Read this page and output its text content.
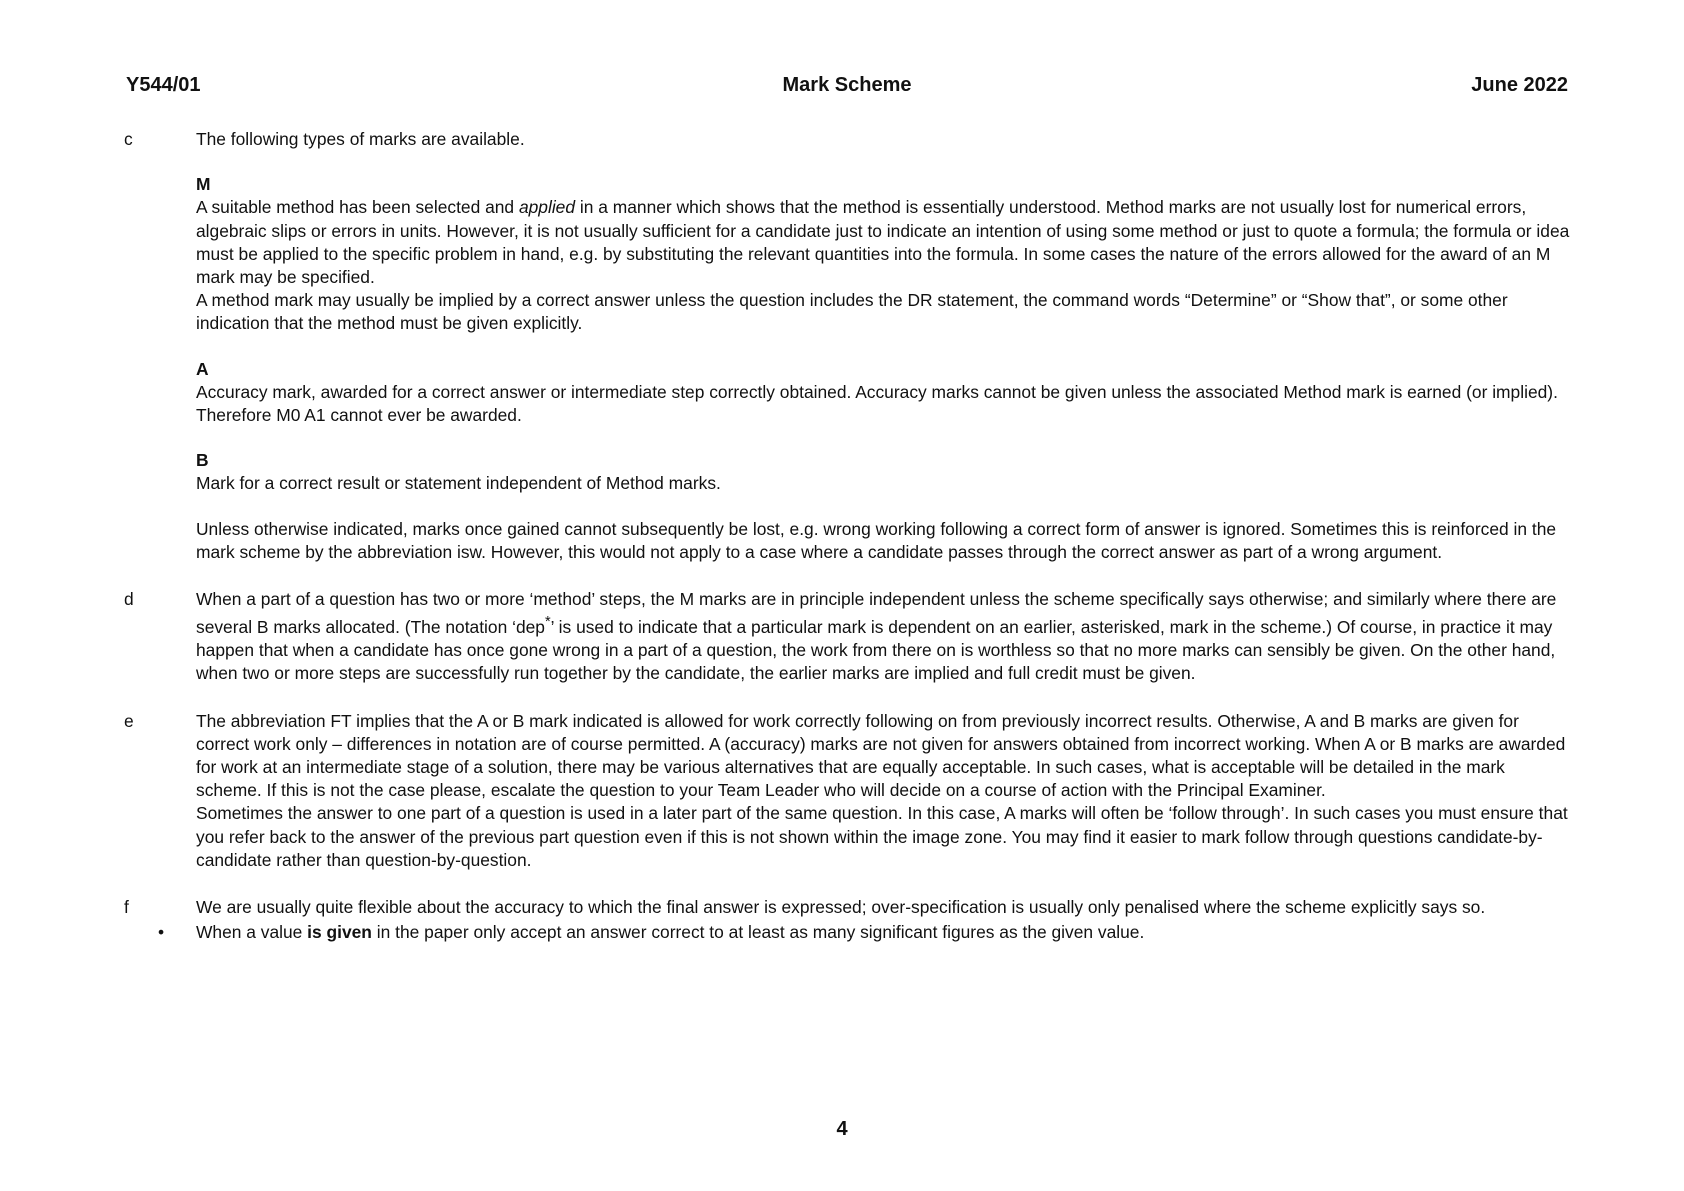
Y544/01	Mark Scheme	June 2022
c	The following types of marks are available.

M

A suitable method has been selected and applied in a manner which shows that the method is essentially understood. Method marks are not usually lost for numerical errors, algebraic slips or errors in units. However, it is not usually sufficient for a candidate just to indicate an intention of using some method or just to quote a formula; the formula or idea must be applied to the specific problem in hand, e.g. by substituting the relevant quantities into the formula. In some cases the nature of the errors allowed for the award of an M mark may be specified.

A method mark may usually be implied by a correct answer unless the question includes the DR statement, the command words “Determine” or “Show that”, or some other indication that the method must be given explicitly.

A

Accuracy mark, awarded for a correct answer or intermediate step correctly obtained. Accuracy marks cannot be given unless the associated Method mark is earned (or implied). Therefore M0 A1 cannot ever be awarded.

B

Mark for a correct result or statement independent of Method marks.

Unless otherwise indicated, marks once gained cannot subsequently be lost, e.g. wrong working following a correct form of answer is ignored. Sometimes this is reinforced in the mark scheme by the abbreviation isw. However, this would not apply to a case where a candidate passes through the correct answer as part of a wrong argument.

d	When a part of a question has two or more ‘method’ steps, the M marks are in principle independent unless the scheme specifically says otherwise; and similarly where there are several B marks allocated. (The notation ‘dep*’ is used to indicate that a particular mark is dependent on an earlier, asterisked, mark in the scheme.) Of course, in practice it may happen that when a candidate has once gone wrong in a part of a question, the work from there on is worthless so that no more marks can sensibly be given. On the other hand, when two or more steps are successfully run together by the candidate, the earlier marks are implied and full credit must be given.

e	The abbreviation FT implies that the A or B mark indicated is allowed for work correctly following on from previously incorrect results. Otherwise, A and B marks are given for correct work only – differences in notation are of course permitted. A (accuracy) marks are not given for answers obtained from incorrect working. When A or B marks are awarded for work at an intermediate stage of a solution, there may be various alternatives that are equally acceptable. In such cases, what is acceptable will be detailed in the mark scheme. If this is not the case please, escalate the question to your Team Leader who will decide on a course of action with the Principal Examiner.

Sometimes the answer to one part of a question is used in a later part of the same question. In this case, A marks will often be ‘follow through’. In such cases you must ensure that you refer back to the answer of the previous part question even if this is not shown within the image zone. You may find it easier to mark follow through questions candidate-by-candidate rather than question-by-question.

f	We are usually quite flexible about the accuracy to which the final answer is expressed; over-specification is usually only penalised where the scheme explicitly says so.

• When a value is given in the paper only accept an answer correct to at least as many significant figures as the given value.
4
